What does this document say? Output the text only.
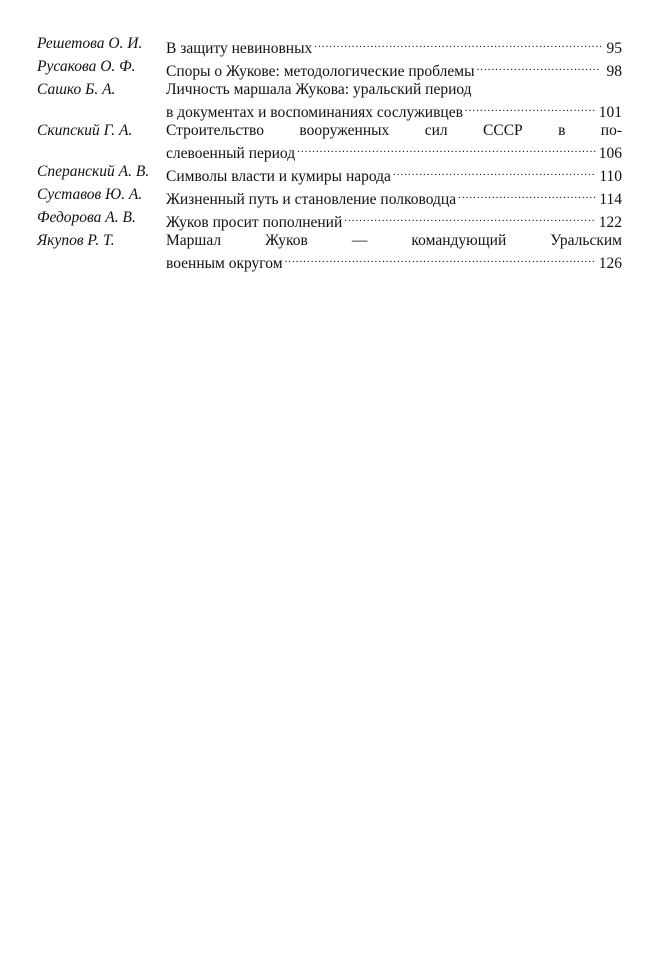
Решетова О. И.	В защиту невиновных .....	95
Русакова О. Ф.	Споры о Жукове: методологические проблемы .....	98
Сашко Б. А.	Личность маршала Жукова: уральский период
в документах и воспоминаниях сослуживцев .....	101
Скипский Г. А.	Строительство вооруженных сил СССР в по-
слевоенный период .....	106
Сперанский А. В.	Символы власти и кумиры народа .....	110
Суставов Ю. А.	Жизненный путь и становление полководца .....	114
Федорова А. В.	Жуков просит пополнений .....	122
Якупов Р. Т.	Маршал Жуков — командующий Уральским
военным округом .....	126
